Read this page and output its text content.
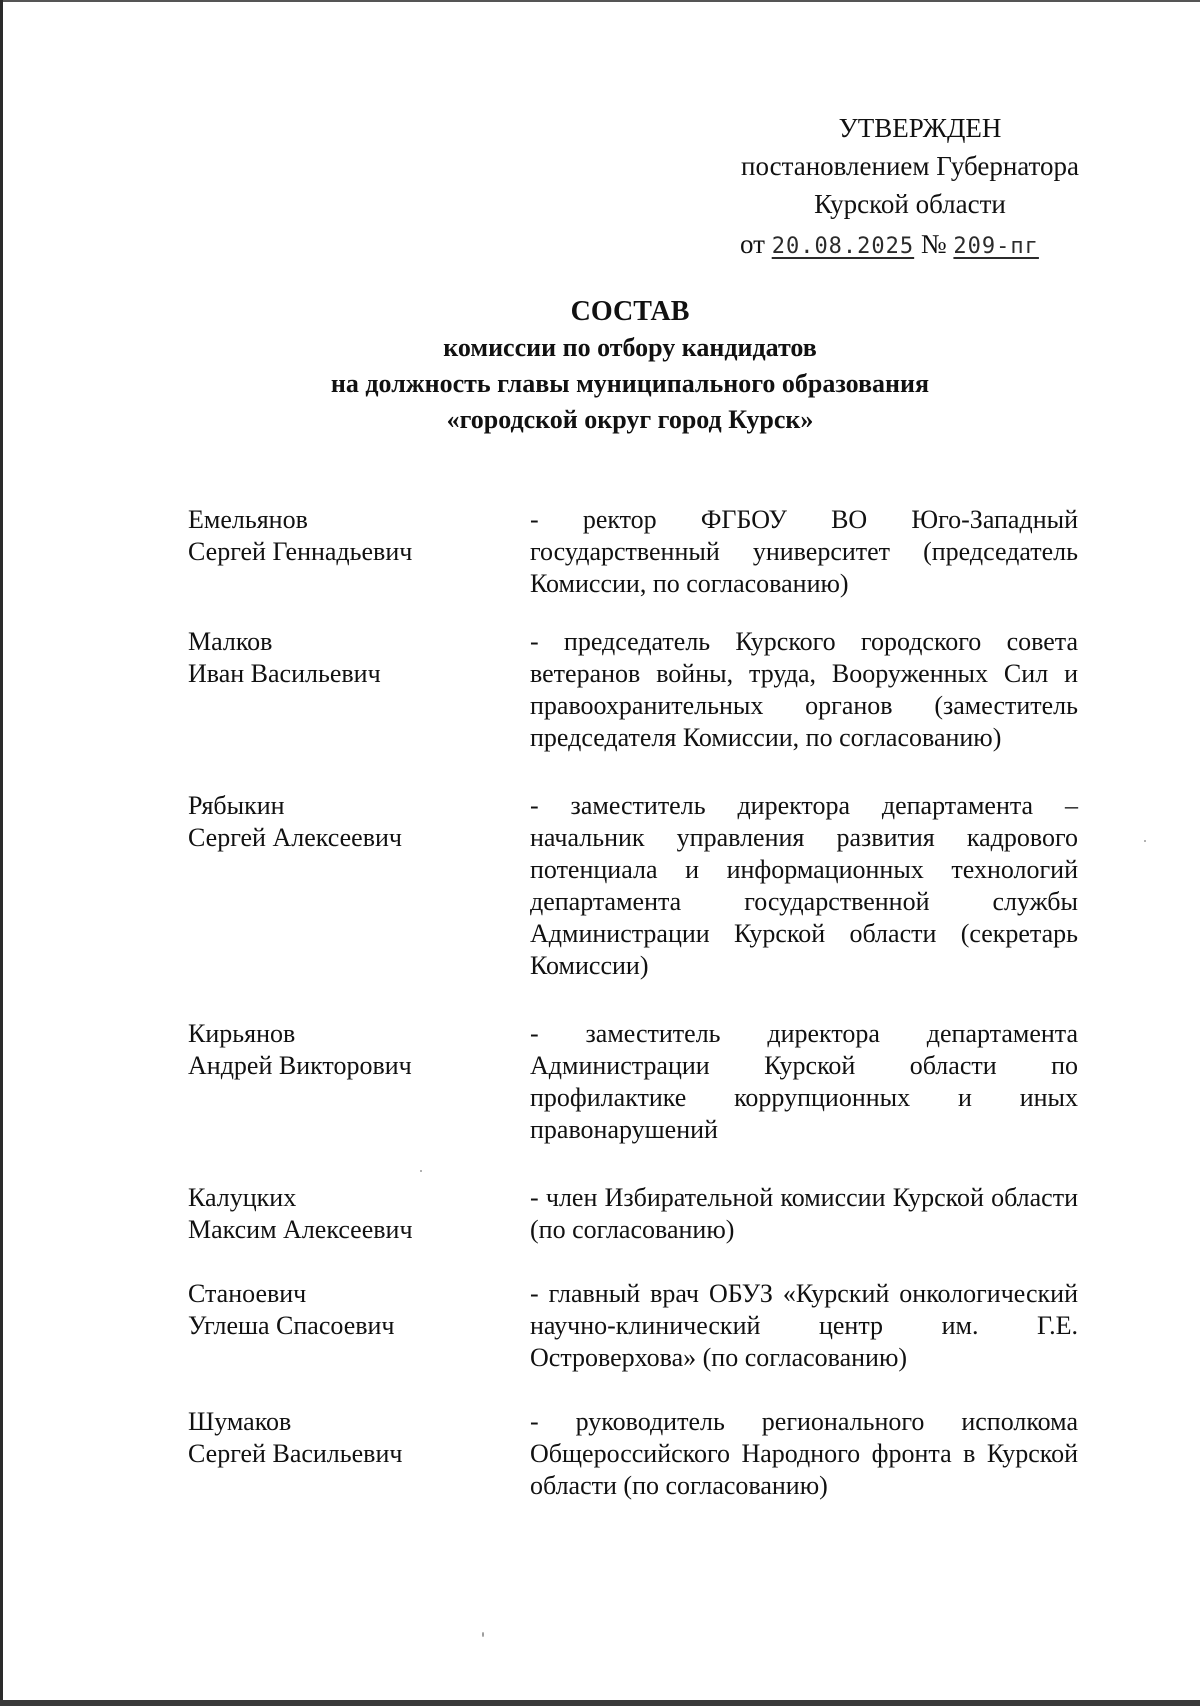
УТВЕРЖДЕН
постановлением Губернатора
Курской области
от 20.08.2025 № 209-пг
СОСТАВ
комиссии по отбору кандидатов
на должность главы муниципального образования
«городской округ город Курск»
Емельянов
Сергей Геннадьевич
- ректор ФГБОУ ВО Юго-Западный государственный университет (председатель Комиссии, по согласованию)
Малков
Иван Васильевич
- председатель Курского городского совета ветеранов войны, труда, Вооруженных Сил и правоохранительных органов (заместитель председателя Комиссии, по согласованию)
Рябыкин
Сергей Алексеевич
- заместитель директора департамента – начальник управления развития кадрового потенциала и информационных технологий департамента государственной службы Администрации Курской области (секретарь Комиссии)
Кирьянов
Андрей Викторович
- заместитель директора департамента Администрации Курской области по профилактике коррупционных и иных правонарушений
Калуцких
Максим Алексеевич
- член Избирательной комиссии Курской области (по согласованию)
Станоевич
Углеша Спасоевич
- главный врач ОБУЗ «Курский онкологический научно-клинический центр им. Г.Е. Островерхова» (по согласованию)
Шумаков
Сергей Васильевич
- руководитель регионального исполкома Общероссийского Народного фронта в Курской области (по согласованию)
